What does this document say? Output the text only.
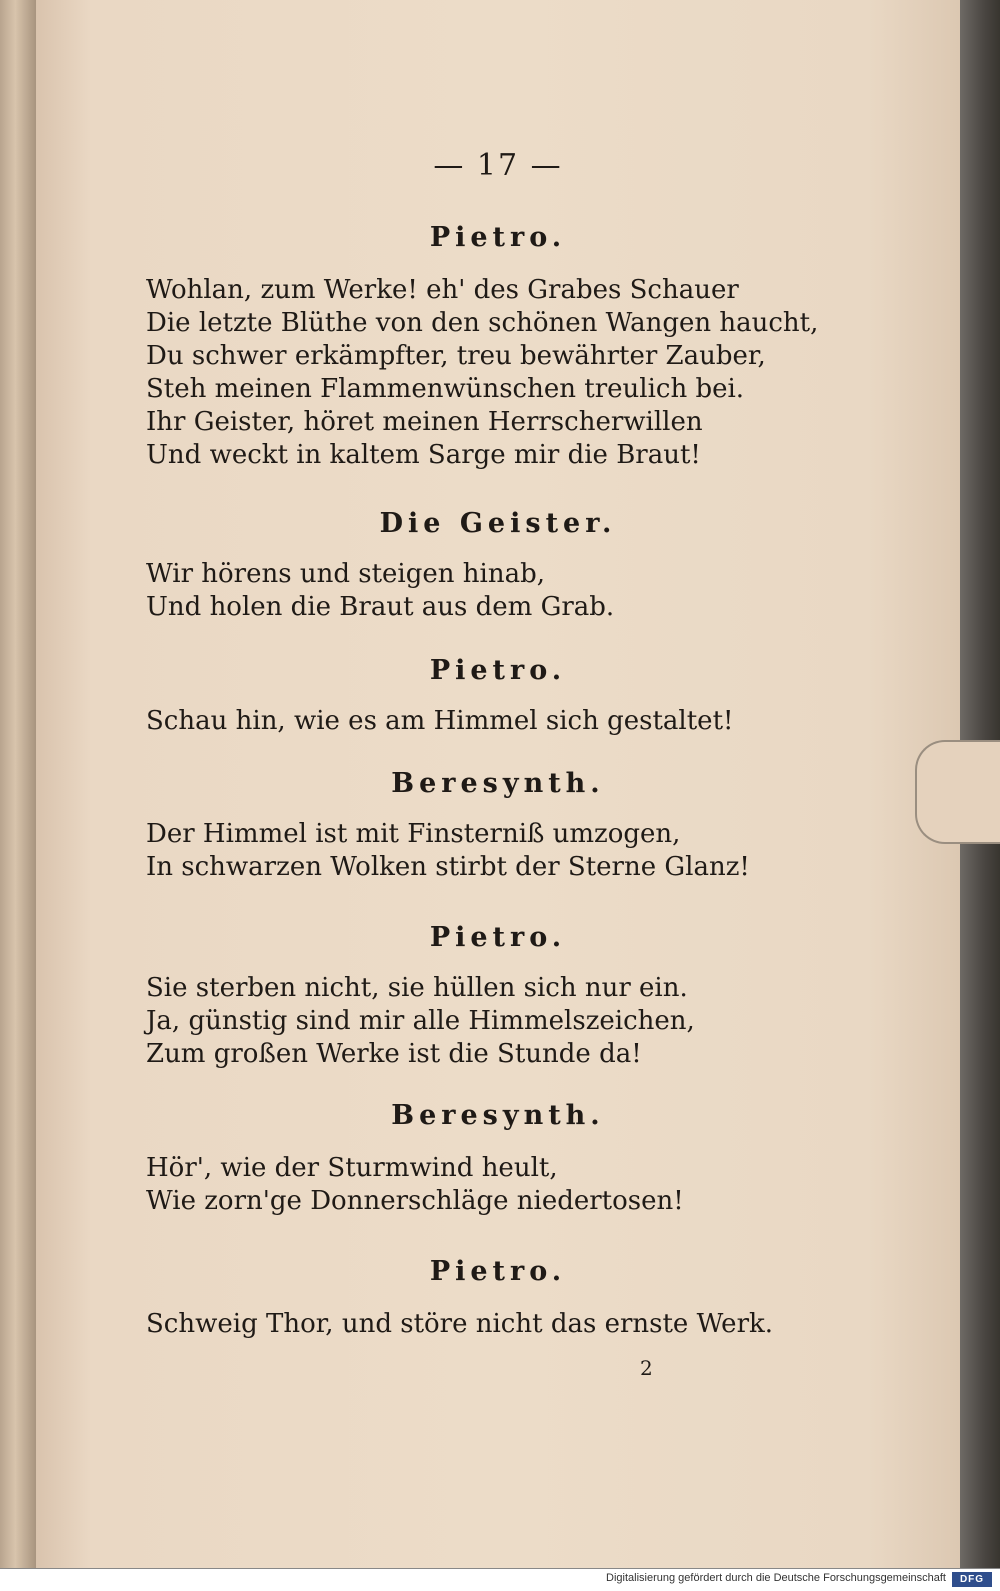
— 17 —
Pietro.
Wohlan, zum Werke! eh' des Grabes Schauer
Die letzte Blüthe von den schönen Wangen haucht,
Du schwer erkämpfter, treu bewährter Zauber,
Steh meinen Flammenwünschen treulich bei.
Ihr Geister, höret meinen Herrscherwillen
Und weckt in kaltem Sarge mir die Braut!
Die Geister.
Wir hörens und steigen hinab,
Und holen die Braut aus dem Grab.
Pietro.
Schau hin, wie es am Himmel sich gestaltet!
Beresynth.
Der Himmel ist mit Finsterniß umzogen,
In schwarzen Wolken stirbt der Sterne Glanz!
Pietro.
Sie sterben nicht, sie hüllen sich nur ein.
Ja, günstig sind mir alle Himmelszeichen,
Zum großen Werke ist die Stunde da!
Beresynth.
Hör', wie der Sturmwind heult,
Wie zorn'ge Donnerschläge niedertosen!
Pietro.
Schweig Thor, und störe nicht das ernste Werk.
2
Digitalisierung gefördert durch die Deutsche Forschungsgemeinschaft	DFG
